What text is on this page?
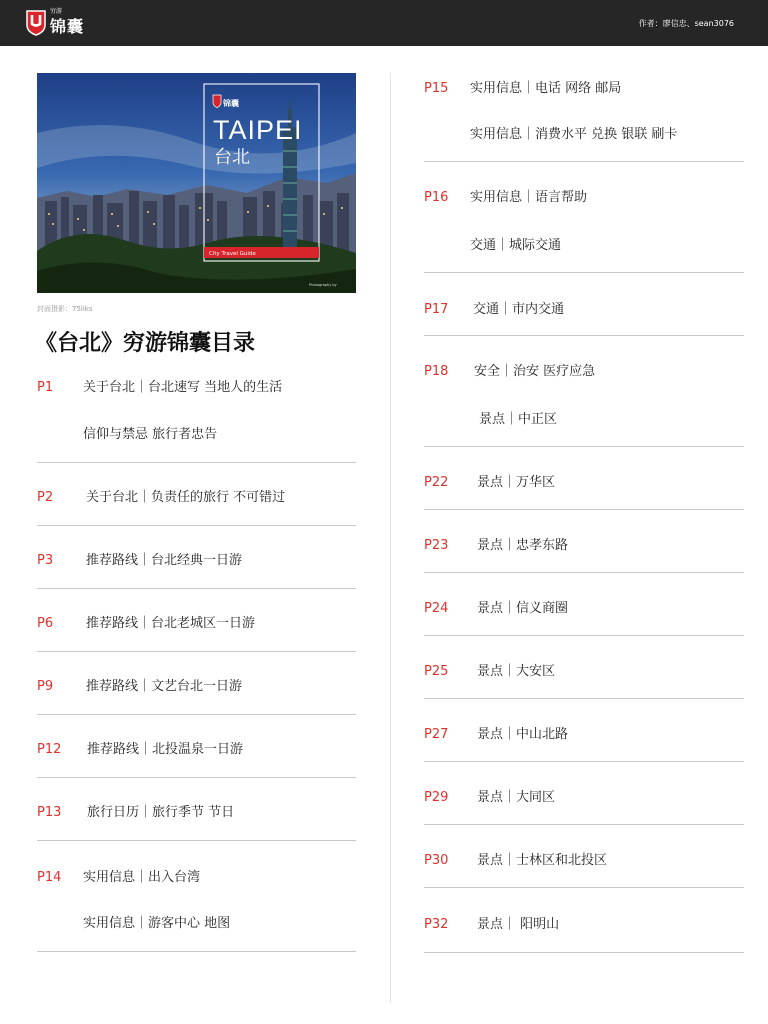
穷游
锦囊	作者：廖信忠、sean3076
锦囊
TAIPEI
台北
City Travel Guide
Photography by
封面摄影：75liks
《台北》穷游锦囊目录
P1 关于台北｜台北速写 当地人的生活
信仰与禁忌 旅行者忠告
P2	关于台北｜负责任的旅行 不可错过
P3	推荐路线｜台北经典一日游
P6	推荐路线｜台北老城区一日游
P9	推荐路线｜文艺台北一日游
P12 推荐路线｜北投温泉一日游
P13 旅行日历｜旅行季节 节日
P14 实用信息｜出入台湾
实用信息｜游客中心 地图
P15 实用信息｜电话 网络 邮局
实用信息｜消费水平 兑换 银联 刷卡
P16 实用信息｜语言帮助
交通｜城际交通
P17 交通｜市内交通
P18 安全｜治安 医疗应急
景点｜中正区
P22 景点｜万华区
P23 景点｜忠孝东路
P24 景点｜信义商圈
P25 景点｜大安区
P27 景点｜中山北路
P29 景点｜大同区
P30 景点｜士林区和北投区
P32 景点｜ 阳明山
